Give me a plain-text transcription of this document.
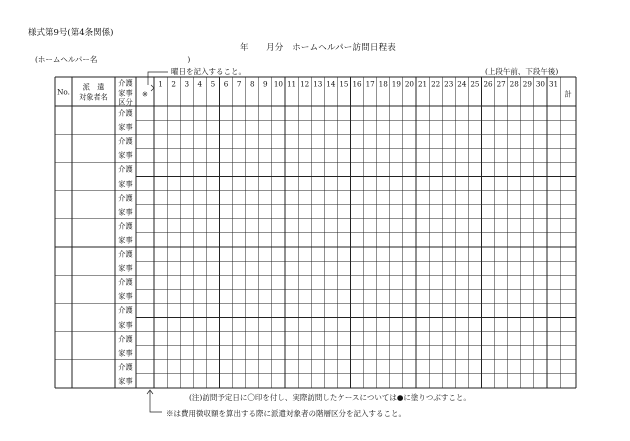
様式第9号(第4条関係)
年　　月分　ホームヘルパー訪問日程表
(ホームヘルパー名　　　　　　　　　　　　)
曜日を記入すること。	(上段午前、下段午後)
No.
派　遣
対象者名
介護
家事
区分
※
1 2 3 4 5 6 7 8 9 10 11 12 13 14 15 16 17 18 19 20 21 22 23 24 25 26 27 28 29 30 31
計
介護
家事
介護
家事
介護
家事
介護
家事
介護
家事
介護
家事
介護
家事
介護
家事
介護
家事
介護
家事
(注)訪問予定日に〇印を付し、実際訪問したケースについては●に塗りつぶすこと。
※は費用徴収額を算出する際に派遣対象者の階層区分を記入すること。
